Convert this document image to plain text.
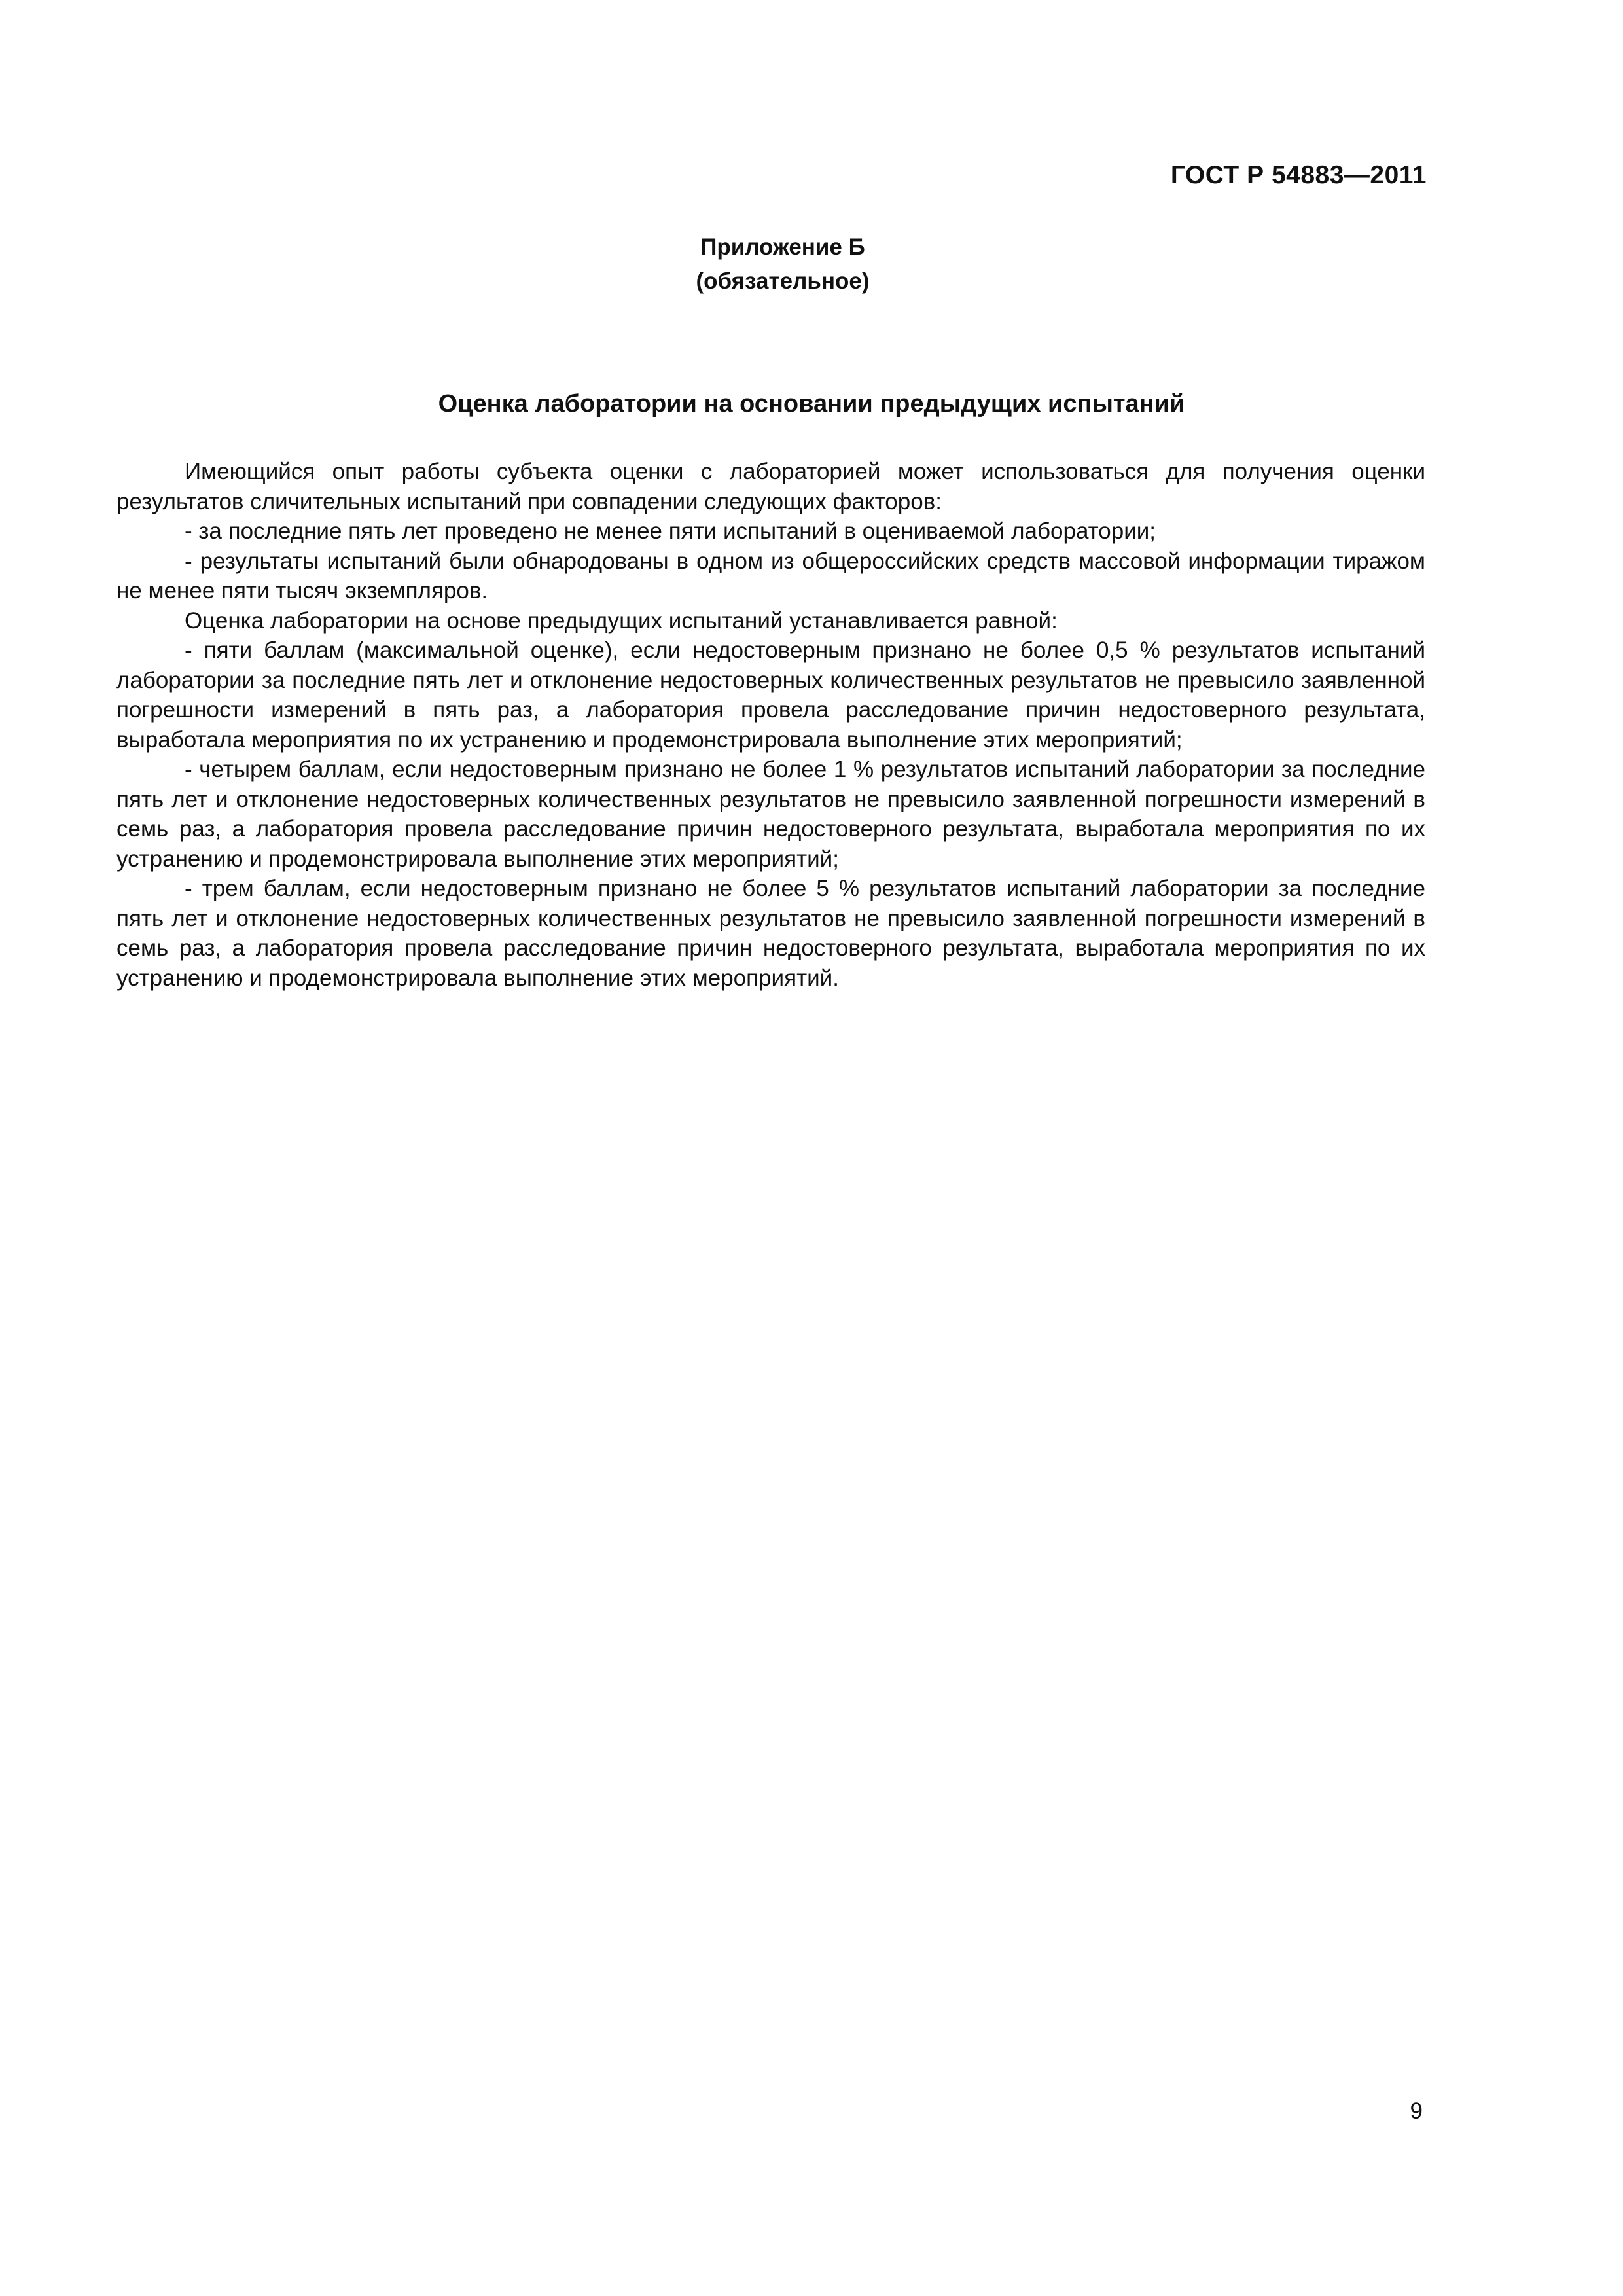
ГОСТ Р 54883—2011
Приложение Б
(обязательное)
Оценка лаборатории на основании предыдущих испытаний

Имеющийся опыт работы субъекта оценки с лабораторией может использоваться для получения оценки результатов сличительных испытаний при совпадении следующих факторов:

- за последние пять лет проведено не менее пяти испытаний в оцениваемой лаборатории;

- результаты испытаний были обнародованы в одном из общероссийских средств массовой информации тиражом не менее пяти тысяч экземпляров.

Оценка лаборатории на основе предыдущих испытаний устанавливается равной:

- пяти баллам (максимальной оценке), если недостоверным признано не более 0,5 % результатов испытаний лаборатории за последние пять лет и отклонение недостоверных количественных результатов не превысило заявленной погрешности измерений в пять раз, а лаборатория провела расследование причин недостоверного результата, выработала мероприятия по их устранению и продемонстрировала выполнение этих мероприятий;

- четырем баллам, если недостоверным признано не более 1 % результатов испытаний лаборатории за последние пять лет и отклонение недостоверных количественных результатов не превысило заявленной погрешности измерений в семь раз, а лаборатория провела расследование причин недостоверного результата, выработала мероприятия по их устранению и продемонстрировала выполнение этих мероприятий;

- трем баллам, если недостоверным признано не более 5 % результатов испытаний лаборатории за последние пять лет и отклонение недостоверных количественных результатов не превысило заявленной погрешности измерений в семь раз, а лаборатория провела расследование причин недостоверного результата, выработала мероприятия по их устранению и продемонстрировала выполнение этих мероприятий.

9
